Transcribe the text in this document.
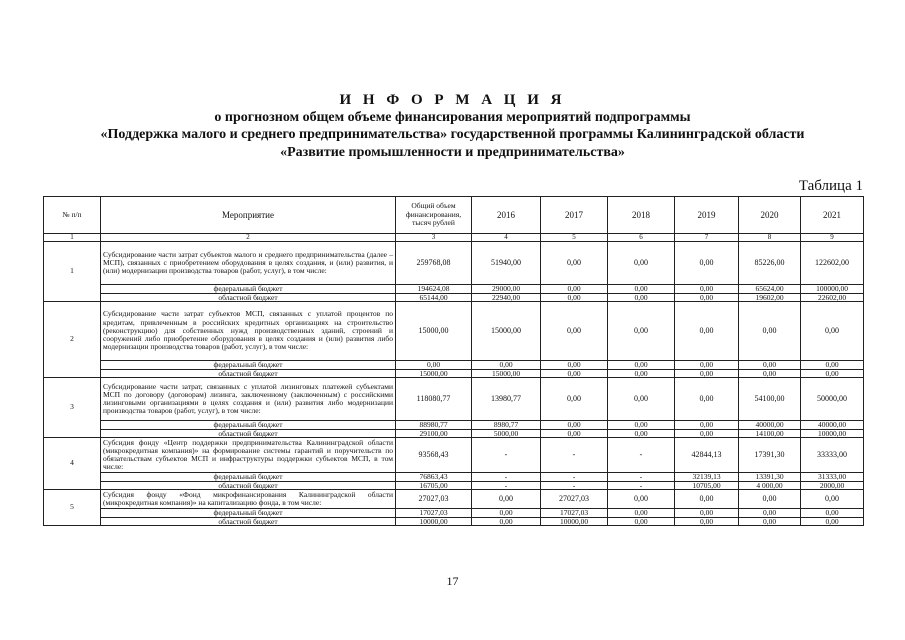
И Н Ф О Р М А Ц И Я
о прогнозном общем объеме финансирования мероприятий подпрограммы
«Поддержка малого и среднего предпринимательства» государственной программы Калининградской области
«Развитие промышленности и предпринимательства»
Таблица 1
№ п/п	Мероприятие	Общий объем финансирования, тысяч рублей	2016	2017	2018	2019	2020	2021
1	2	3	4	5	6	7	8	9
1	Субсидирование части затрат субъектов малого и среднего предпринимательства (далее – МСП), связанных с приобретением оборудования в целях создания, и (или) развития, и (или) модернизации производства товаров (работ, услуг), в том числе:	259768,08	51940,00	0,00	0,00	0,00	85226,00	122602,00
	федеральный бюджет	194624,08	29000,00	0,00	0,00	0,00	65624,00	100000,00
	областной бюджет	65144,00	22940,00	0,00	0,00	0,00	19602,00	22602,00
2	Субсидирование части затрат субъектов МСП, связанных с уплатой процентов по кредитам, привлеченным в российских кредитных организациях на строительство (реконструкцию) для собственных нужд производственных зданий, строений и сооружений либо приобретение оборудования в целях создания и (или) развития либо модернизации производства товаров (работ, услуг), в том числе:	15000,00	15000,00	0,00	0,00	0,00	0,00	0,00
	федеральный бюджет	0,00	0,00	0,00	0,00	0,00	0,00	0,00
	областной бюджет	15000,00	15000,00	0,00	0,00	0,00	0,00	0,00
3	Субсидирование части затрат, связанных с уплатой лизинговых платежей субъектами МСП по договору (договорам) лизинга, заключенному (заключенным) с российскими лизинговыми организациями в целях создания и (или) развития либо модернизации производства товаров (работ, услуг), в том числе:	118080,77	13980,77	0,00	0,00	0,00	54100,00	50000,00
	федеральный бюджет	88980,77	8980,77	0,00	0,00	0,00	40000,00	40000,00
	областной бюджет	29100,00	5000,00	0,00	0,00	0,00	14100,00	10000,00
4	Субсидия фонду «Центр поддержки предпринимательства Калининградской области (микрокредитная компания)» на формирование системы гарантий и поручительств по обязательствам субъектов МСП и инфраструктуры поддержки субъектов МСП, в том числе:	93568,43	-	-	-	42844,13	17391,30	33333,00
	федеральный бюджет	76863,43	-	-	-	32139,13	13391,30	31333,00
	областной бюджет	16705,00	-	-	-	10705,00	4 000,00	2000,00
5	Субсидия фонду «Фонд микрофинансирования Калининградской области (микрокредитная компания)» на капитализацию фонда, в том числе:	27027,03	0,00	27027,03	0,00	0,00	0,00	0,00
	федеральный бюджет	17027,03	0,00	17027,03	0,00	0,00	0,00	0,00
	областной бюджет	10000,00	0,00	10000,00	0,00	0,00	0,00	0,00
17
